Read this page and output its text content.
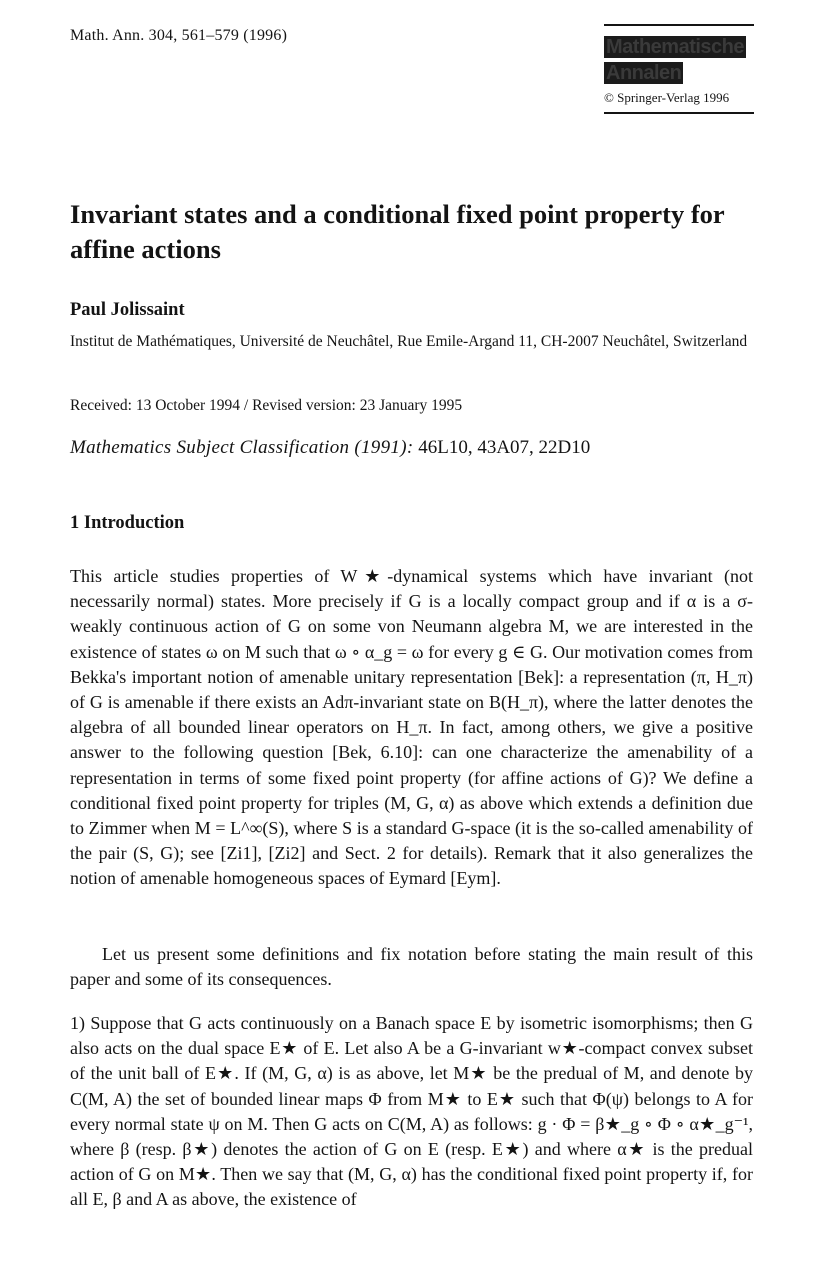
Math. Ann. 304, 561–579 (1996)
Mathematische
Annalen
© Springer-Verlag 1996
Invariant states and a conditional fixed point property for affine actions
Paul Jolissaint
Institut de Mathématiques, Université de Neuchâtel, Rue Emile-Argand 11, CH-2007 Neuchâtel, Switzerland
Received: 13 October 1994 / Revised version: 23 January 1995
Mathematics Subject Classification (1991): 46L10, 43A07, 22D10
1 Introduction
This article studies properties of W★-dynamical systems which have invariant (not necessarily normal) states. More precisely if G is a locally compact group and if α is a σ-weakly continuous action of G on some von Neumann algebra M, we are interested in the existence of states ω on M such that ω ∘ α_g = ω for every g ∈ G. Our motivation comes from Bekka's important notion of amenable unitary representation [Bek]: a representation (π, H_π) of G is amenable if there exists an Adπ-invariant state on B(H_π), where the latter denotes the algebra of all bounded linear operators on H_π. In fact, among others, we give a positive answer to the following question [Bek, 6.10]: can one characterize the amenability of a representation in terms of some fixed point property (for affine actions of G)? We define a conditional fixed point property for triples (M, G, α) as above which extends a definition due to Zimmer when M = L^∞(S), where S is a standard G-space (it is the so-called amenability of the pair (S, G); see [Zi1], [Zi2] and Sect. 2 for details). Remark that it also generalizes the notion of amenable homogeneous spaces of Eymard [Eym].
Let us present some definitions and fix notation before stating the main result of this paper and some of its consequences.
1) Suppose that G acts continuously on a Banach space E by isometric isomorphisms; then G also acts on the dual space E★ of E. Let also A be a G-invariant w★-compact convex subset of the unit ball of E★. If (M, G, α) is as above, let M★ be the predual of M, and denote by C(M, A) the set of bounded linear maps Φ from M★ to E★ such that Φ(ψ) belongs to A for every normal state ψ on M. Then G acts on C(M, A) as follows: g · Φ = β★_g ∘ Φ ∘ α★_g⁻¹, where β (resp. β★) denotes the action of G on E (resp. E★) and where α★ is the predual action of G on M★. Then we say that (M, G, α) has the conditional fixed point property if, for all E, β and A as above, the existence of
